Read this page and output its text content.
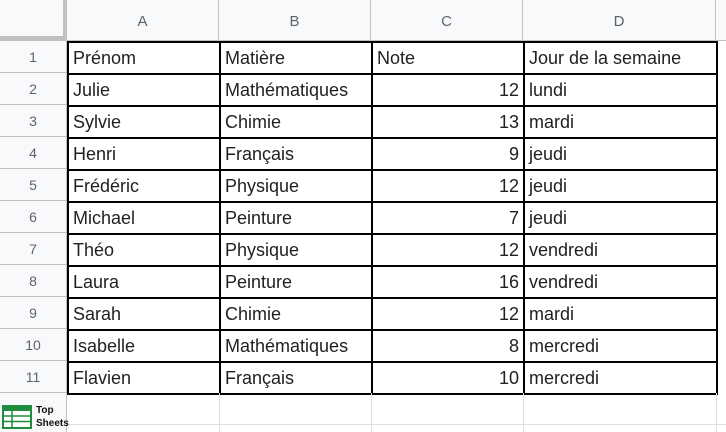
A	B	C	D
1
2
3
4
5
6
7
8
9
10
11
Prénom	Matière	Note	Jour de la semaine
Julie	Mathématiques	12	lundi
Sylvie	Chimie	13	mardi
Henri	Français	9	jeudi
Frédéric	Physique	12	jeudi
Michael	Peinture	7	jeudi
Théo	Physique	12	vendredi
Laura	Peinture	16	vendredi
Sarah	Chimie	12	mardi
Isabelle	Mathématiques	8	mercredi
Flavien	Français	10	mercredi
Top
Sheets
